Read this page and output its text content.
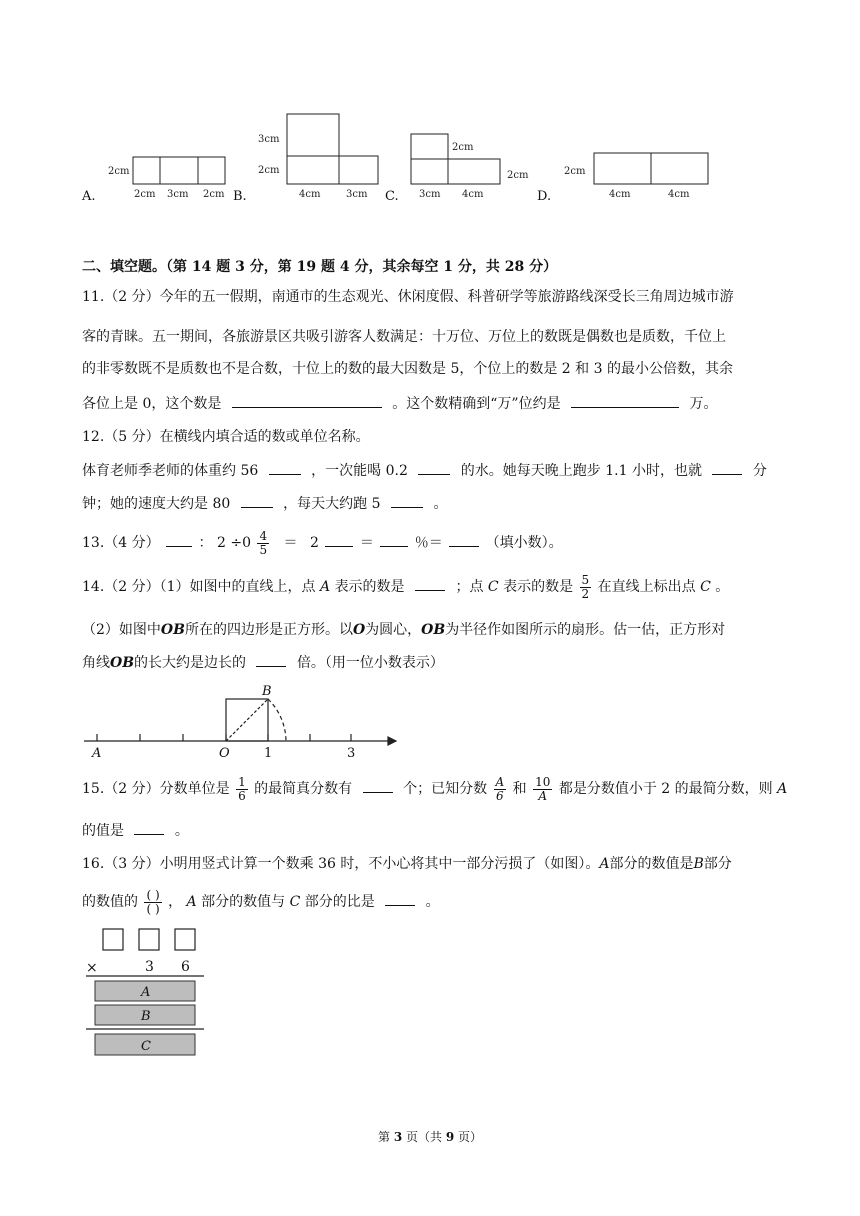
2cm
2cm 3cm 2cm
3cm
2cm
4cm	3cm
2cm
2cm
3cm 4cm
2cm
4cm	4cm
A.	B.	C.	D.
二、填空题。（第 14 题 3 分，第 19 题 4 分，其余每空 1 分，共 28 分）
11.（2 分）今年的五一假期，南通市的生态观光、休闲度假、科普研学等旅游路线深受长三角周边城市游
客的青睐。五一期间，各旅游景区共吸引游客人数满足：十万位、万位上的数既是偶数也是质数，千位上
的非零数既不是质数也不是合数，十位上的数的最大因数是 5，个位上的数是 2 和 3 的最小公倍数，其余
各位上是 0，这个数是	。这个数精确到“万”位约是	万。
12.（5 分）在横线内填合适的数或单位名称。
体育老师季老师的体重约 56	，一次能喝 0.2	的水。她每天晚上跑步 1.1 小时，也就	分
钟；她的速度大约是 80	，每天大约跑 5	。
13.（4 分）	： $2 \div 0 \frac{4}{5} = 2$	＝	％＝	（填小数）。
14.（2 分）（1）如图中的直线上，点 A 表示的数是	；点 C 表示的数是 $\frac{5}{2}$ 在直线上标出点 C 。
（2）如图中OB所在的四边形是正方形。以O为圆心，OB为半径作如图所示的扇形。估一估，正方形对
角线OB的长大约是边长的	倍。（用一位小数表示）
A	O
B
1	3
15.（2 分）分数单位是 $\frac{1}{6}$ 的最简真分数有	个；已知分数 $\frac{A}{6}$ 和 $\frac{10}{A}$ 都是分数值小于 2 的最简分数，则 A
的值是	。
16.（3 分）小明用竖式计算一个数乘 36 时，不小心将其中一部分污损了（如图）。A部分的数值是B部分
的数值的 $\frac{( )}{( )}$ ， A 部分的数值与 C 部分的比是	。
×	3 6
A
B
C
第 3 页（共 9 页）
